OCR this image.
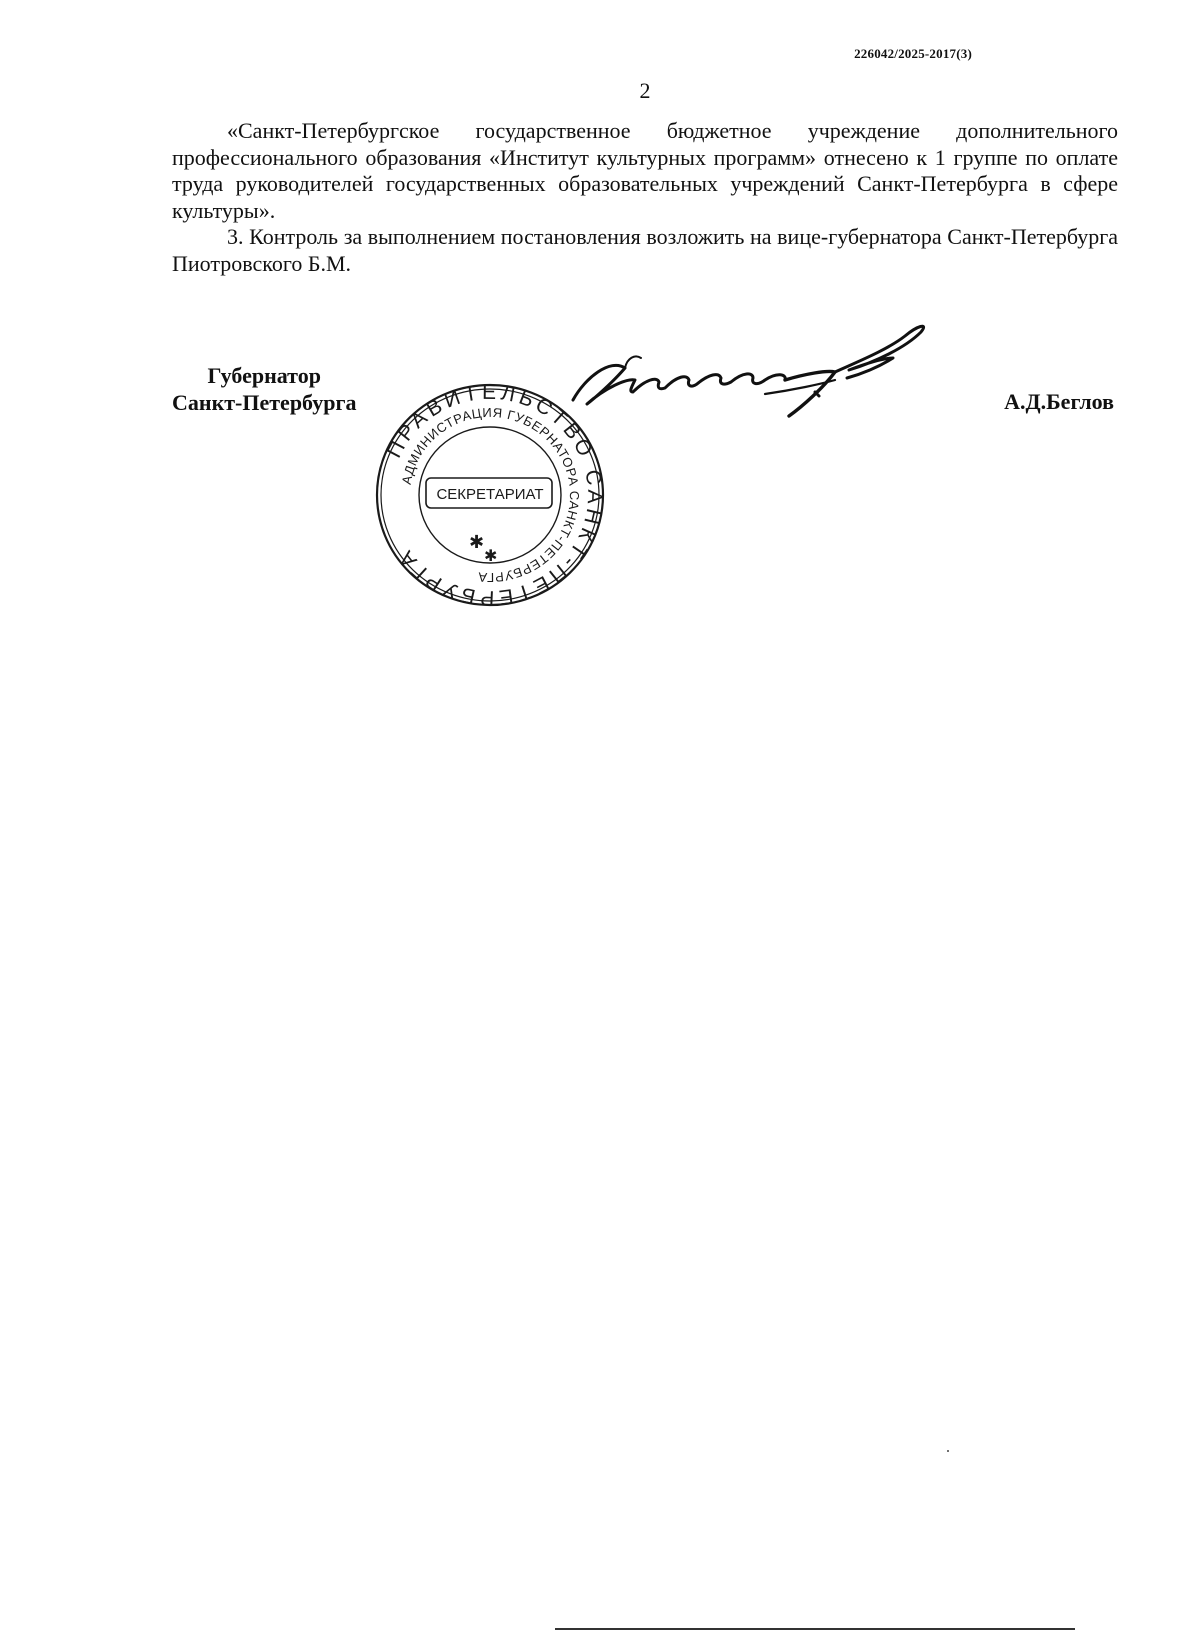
226042/2025-2017(3)
2

«Санкт-Петербургское государственное бюджетное учреждение дополнительного профессионального образования «Институт культурных программ» отнесено к 1 группе по оплате труда руководителей государственных образовательных учреждений Санкт-Петербурга в сфере культуры».

3. Контроль за выполнением постановления возложить на вице-губернатора Санкт-Петербурга Пиотровского Б.М.

Губернатор
Санкт-Петербурга
ПРАВИТЕЛЬСТВО САНКТ-ПЕТЕРБУРГА
АДМИНИСТРАЦИЯ ГУБЕРНАТОРА САНКТ-ПЕТЕРБУРГА
СЕКРЕТАРИАТ
✱
✱
А.Д.Беглов
